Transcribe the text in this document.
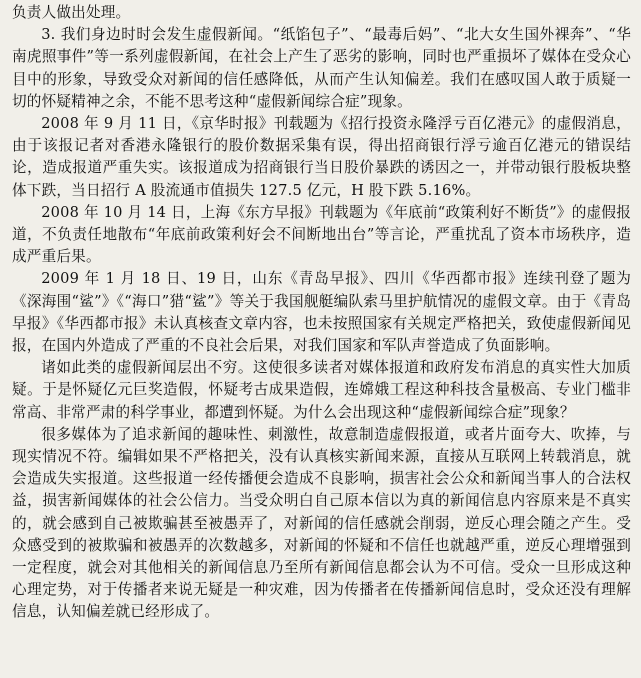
负责人做出处理。

3. 我们身边时时会发生虚假新闻。“纸馅包子”、“最毒后妈”、“北大女生国外裸奔”、“华南虎照事件”等一系列虚假新闻，在社会上产生了恶劣的影响，同时也严重损坏了媒体在受众心目中的形象，导致受众对新闻的信任感降低，从而产生认知偏差。我们在感叹国人敢于质疑一切的怀疑精神之余，不能不思考这种“虚假新闻综合症”现象。

2008 年 9 月 11 日，《京华时报》刊载题为《招行投资永隆浮亏百亿港元》的虚假消息，由于该报记者对香港永隆银行的股价数据采集有误，得出招商银行浮亏逾百亿港元的错误结论，造成报道严重失实。该报道成为招商银行当日股价暴跌的诱因之一，并带动银行股板块整体下跌，当日招行 A 股流通市值损失 127.5 亿元，H 股下跌 5.16%。

2008 年 10 月 14 日，上海《东方早报》刊载题为《年底前“政策利好不断货”》的虚假报道，不负责任地散布“年底前政策利好会不间断地出台”等言论，严重扰乱了资本市场秩序，造成严重后果。

2009 年 1 月 18 日、19 日，山东《青岛早报》、四川《华西都市报》连续刊登了题为《深海围“鲨”》《“海口”猎“鲨”》等关于我国舰艇编队索马里护航情况的虚假文章。由于《青岛早报》《华西都市报》未认真核查文章内容，也未按照国家有关规定严格把关，致使虚假新闻见报，在国内外造成了严重的不良社会后果，对我们国家和军队声誉造成了负面影响。

诸如此类的虚假新闻层出不穷。这使很多读者对媒体报道和政府发布消息的真实性大加质疑。于是怀疑亿元巨奖造假，怀疑考古成果造假，连嫦娥工程这种科技含量极高、专业门槛非常高、非常严肃的科学事业，都遭到怀疑。为什么会出现这种“虚假新闻综合症”现象？

很多媒体为了追求新闻的趣味性、刺激性，故意制造虚假报道，或者片面夸大、吹捧，与现实情况不符。编辑如果不严格把关，没有认真核实新闻来源，直接从互联网上转载消息，就会造成失实报道。这些报道一经传播便会造成不良影响，损害社会公众和新闻当事人的合法权益，损害新闻媒体的社会公信力。当受众明白自己原本信以为真的新闻信息内容原来是不真实的，就会感到自己被欺骗甚至被愚弄了，对新闻的信任感就会削弱，逆反心理会随之产生。受众感受到的被欺骗和被愚弄的次数越多，对新闻的怀疑和不信任也就越严重，逆反心理增强到一定程度，就会对其他相关的新闻信息乃至所有新闻信息都会认为不可信。受众一旦形成这种心理定势，对于传播者来说无疑是一种灾难，因为传播者在传播新闻信息时，受众还没有理解信息，认知偏差就已经形成了。
